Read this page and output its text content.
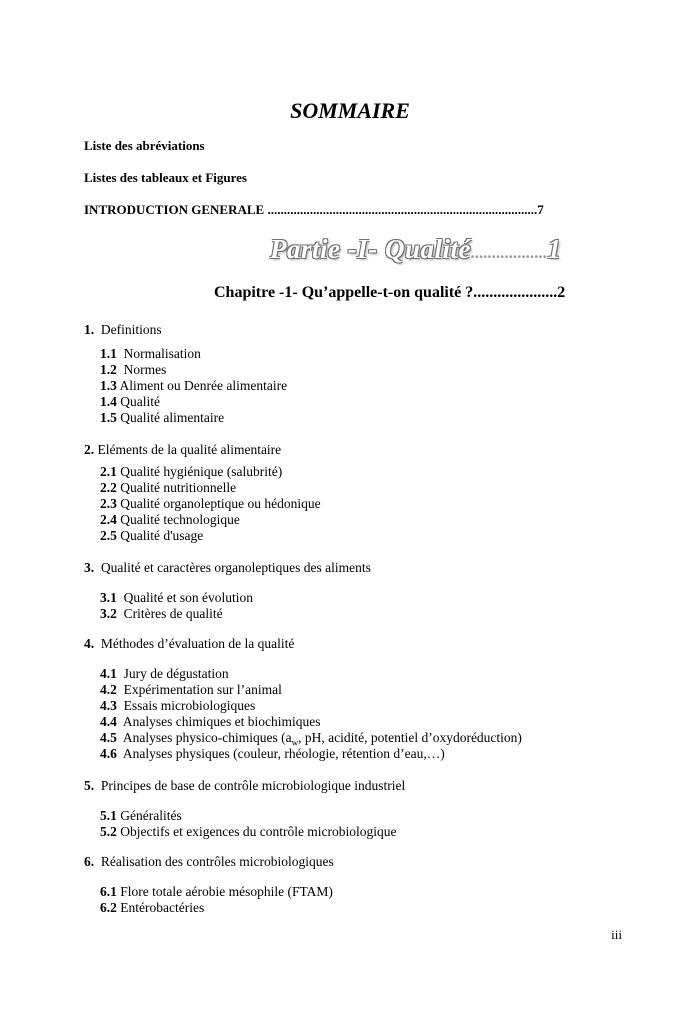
SOMMAIRE
Liste des abréviations
Listes des tableaux et Figures
INTRODUCTION GENERALE ...................................................................................7
Partie -I- Qualité..................1
Chapitre -1- Qu’appelle-t-on qualité ?.....................2
1. Definitions
1.1 Normalisation
1.2 Normes
1.3 Aliment ou Denrée alimentaire
1.4 Qualité
1.5 Qualité alimentaire
2. Eléments de la qualité alimentaire
2.1 Qualité hygiénique (salubrité)
2.2 Qualité nutritionnelle
2.3 Qualité organoleptique ou hédonique
2.4 Qualité technologique
2.5 Qualité d'usage
3. Qualité et caractères organoleptiques des aliments
3.1 Qualité et son évolution
3.2 Critères de qualité
4. Méthodes d’évaluation de la qualité
4.1 Jury de dégustation
4.2 Expérimentation sur l’animal
4.3 Essais microbiologiques
4.4 Analyses chimiques et biochimiques
4.5 Analyses physico-chimiques ($a_w$, pH, acidité, potentiel d’oxydoréduction)
4.6 Analyses physiques (couleur, rhéologie, rétention d’eau,…)
5. Principes de base de contrôle microbiologique industriel
5.1 Généralités
5.2 Objectifs et exigences du contrôle microbiologique
6. Réalisation des contrôles microbiologiques
6.1 Flore totale aérobie mésophile (FTAM)
6.2 Entérobactéries
iii
